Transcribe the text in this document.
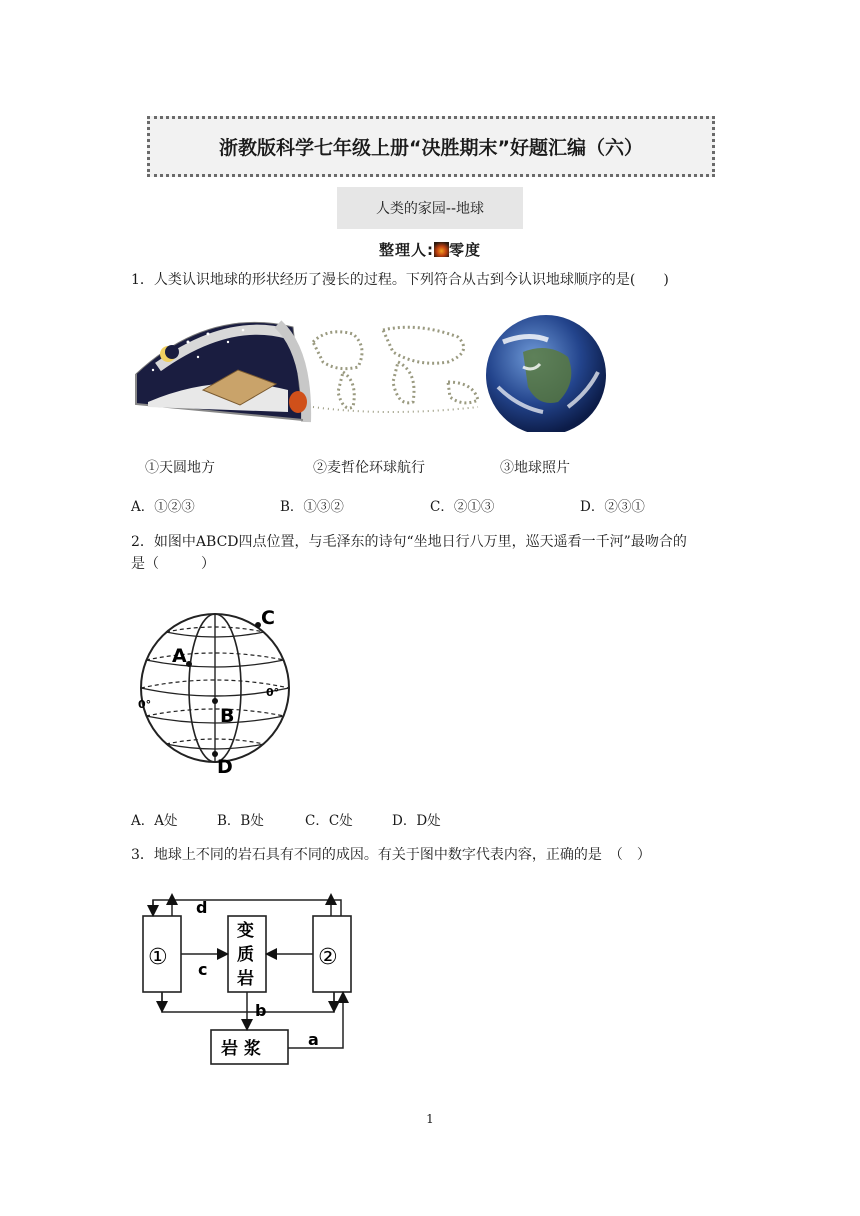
浙教版科学七年级上册“决胜期末”好题汇编（六）
人类的家园--地球
整理人: 零度
1．人类认识地球的形状经历了漫长的过程。下列符合从古到今认识地球顺序的是(　　)
①天圆地方	②麦哲伦环球航行	③地球照片
A．①②③	B．①③②	C．②①③	D．②③①
2．如图中ABCD四点位置，与毛泽东的诗句“坐地日行八万里，巡天遥看一千河”最吻合的
是（　　　）
C
A
B
D
0°
0°
A．A处	B．B处	C．C处	D．D处
3．地球上不同的岩石具有不同的成因。有关于图中数字代表内容，正确的是　（　）
①	②
变
质
岩
岩 浆
d
c
b
a
1
